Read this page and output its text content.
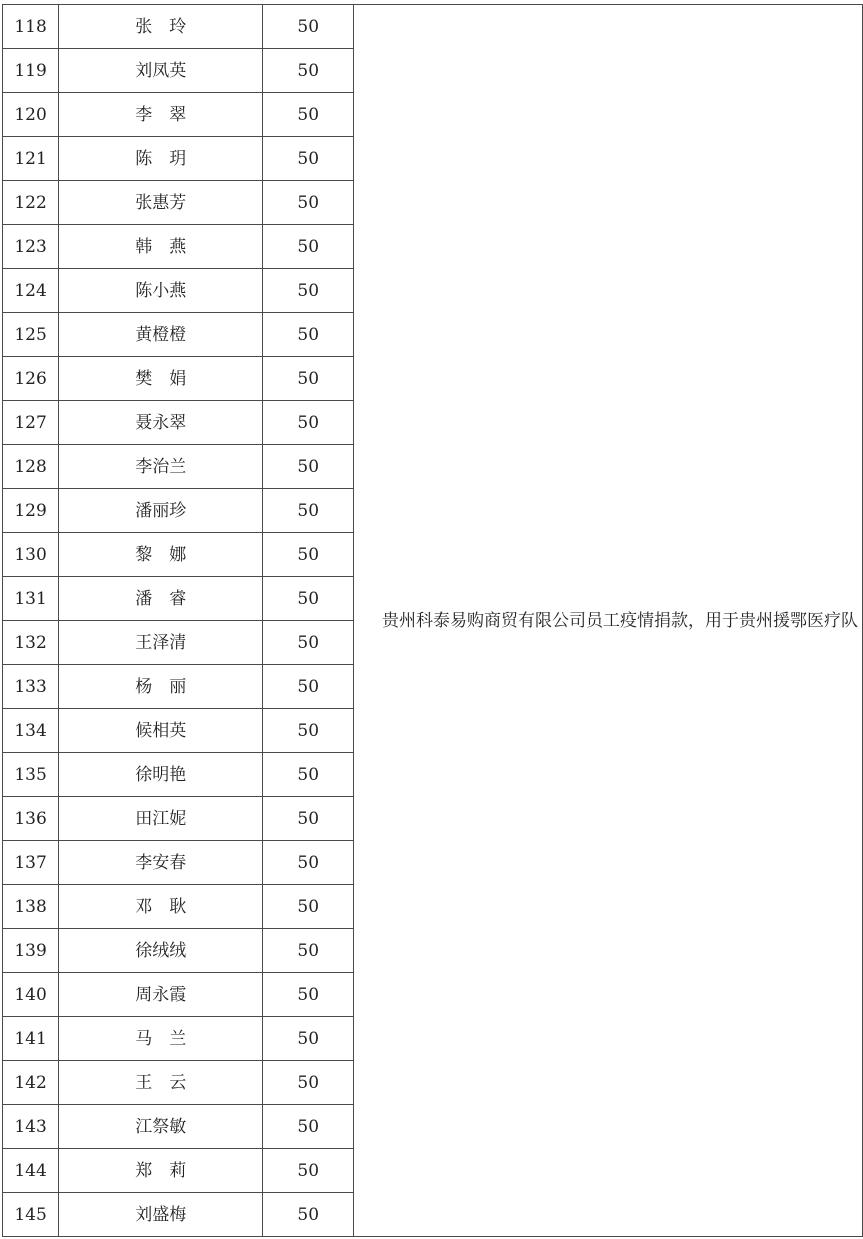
118	张　玲	50	贵州科泰易购商贸有限公司员工疫情捐款，用于贵州援鄂医疗队

119	刘凤英	50	
120	李　翠	50	
121	陈　玥	50	
122	张惠芳	50	
123	韩　燕	50	
124	陈小燕	50	
125	黄橙橙	50	
126	樊　娟	50	
127	聂永翠	50	
128	李治兰	50	
129	潘丽珍	50	
130	黎　娜	50	
131	潘　睿	50	
132	王泽清	50	
133	杨　丽	50	
134	候相英	50	
135	徐明艳	50	
136	田江妮	50	
137	李安春	50	
138	邓　耿	50	
139	徐绒绒	50	
140	周永霞	50	
141	马　兰	50	
142	王　云	50	
143	江祭敏	50	
144	郑　莉	50	
145	刘盛梅	50	
